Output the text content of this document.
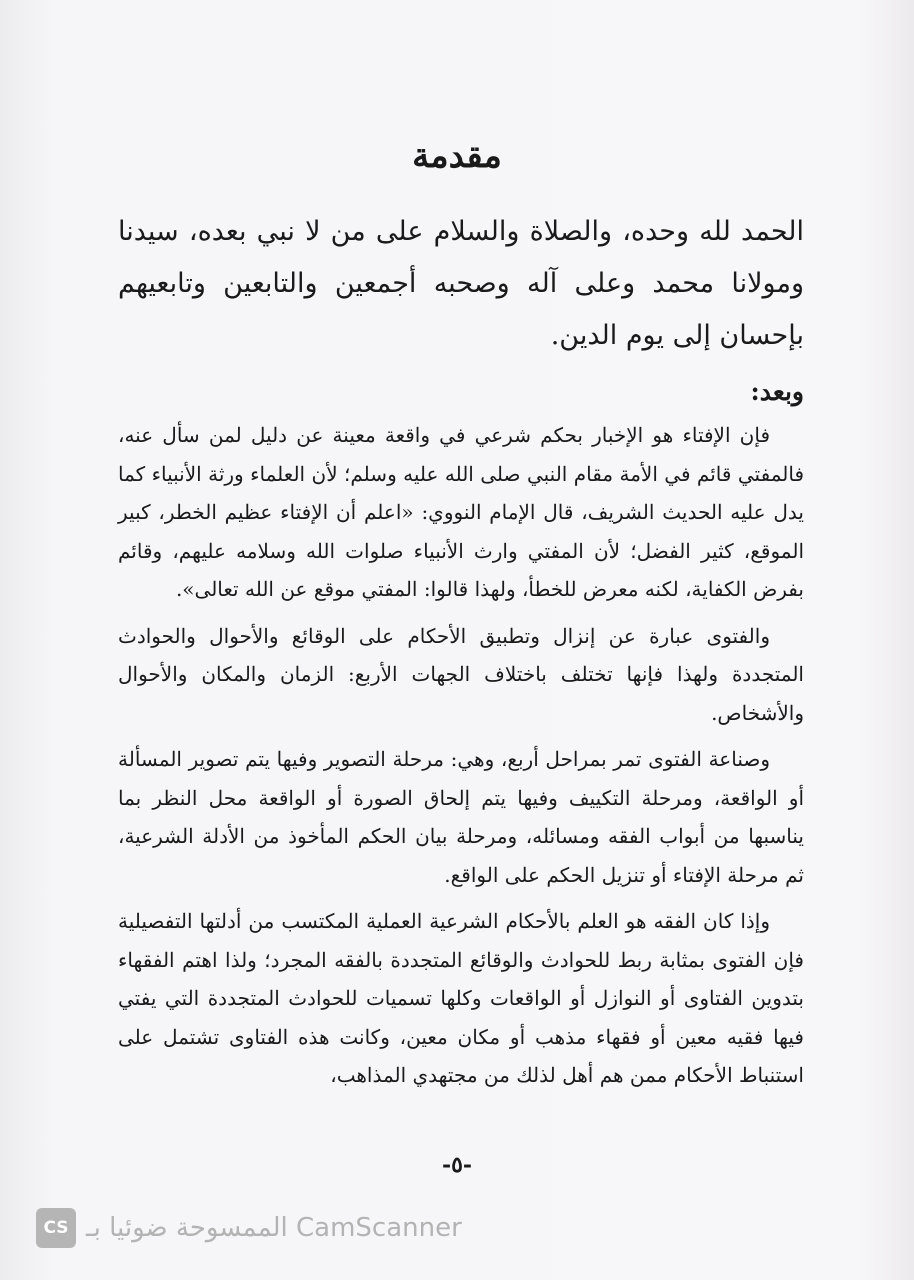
مقدمة

الحمد لله وحده، والصلاة والسلام على من لا نبي بعده، سيدنا ومولانا محمد وعلى آله وصحبه أجمعين والتابعين وتابعيهم بإحسان إلى يوم الدين.

وبعد:

فإن الإفتاء هو الإخبار بحكم شرعي في واقعة معينة عن دليل لمن سأل عنه، فالمفتي قائم في الأمة مقام النبي صلى الله عليه وسلم؛ لأن العلماء ورثة الأنبياء كما يدل عليه الحديث الشريف، قال الإمام النووي: «اعلم أن الإفتاء عظيم الخطر، كبير الموقع، كثير الفضل؛ لأن المفتي وارث الأنبياء صلوات الله وسلامه عليهم، وقائم بفرض الكفاية، لكنه معرض للخطأ، ولهذا قالوا: المفتي موقع عن الله تعالى».

والفتوى عبارة عن إنزال وتطبيق الأحكام على الوقائع والأحوال والحوادث المتجددة ولهذا فإنها تختلف باختلاف الجهات الأربع: الزمان والمكان والأحوال والأشخاص.

وصناعة الفتوى تمر بمراحل أربع، وهي: مرحلة التصوير وفيها يتم تصوير المسألة أو الواقعة، ومرحلة التكييف وفيها يتم إلحاق الصورة أو الواقعة محل النظر بما يناسبها من أبواب الفقه ومسائله، ومرحلة بيان الحكم المأخوذ من الأدلة الشرعية، ثم مرحلة الإفتاء أو تنزيل الحكم على الواقع.

وإذا كان الفقه هو العلم بالأحكام الشرعية العملية المكتسب من أدلتها التفصيلية فإن الفتوى بمثابة ربط للحوادث والوقائع المتجددة بالفقه المجرد؛ ولذا اهتم الفقهاء بتدوين الفتاوى أو النوازل أو الواقعات وكلها تسميات للحوادث المتجددة التي يفتي فيها فقيه معين أو فقهاء مذهب أو مكان معين، وكانت هذه الفتاوى تشتمل على استنباط الأحكام ممن هم أهل لذلك من مجتهدي المذاهب،

-٥-
CS الممسوحة ضوئيا بـ CamScanner
